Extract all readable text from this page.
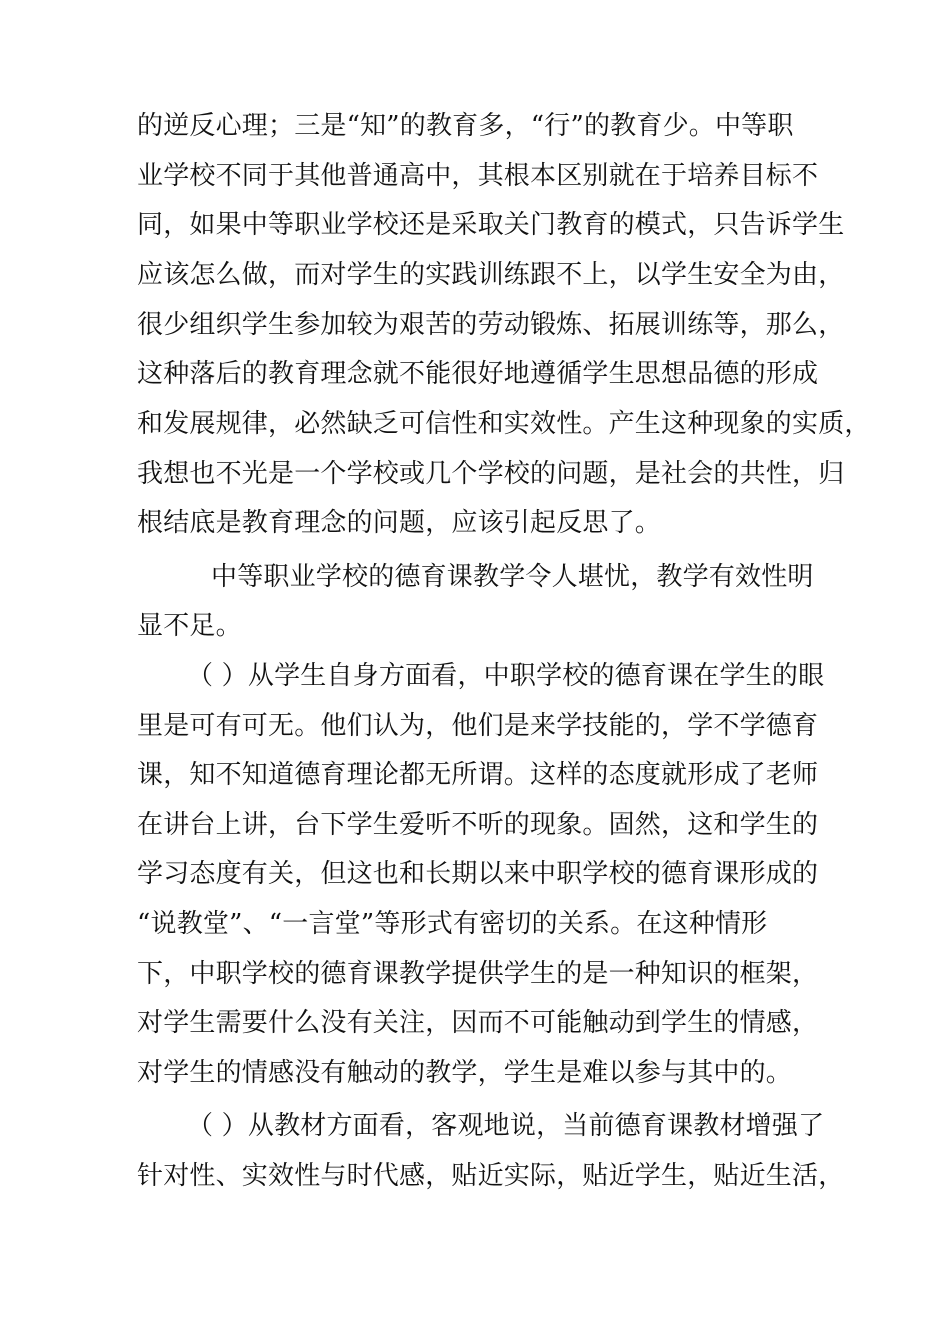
的逆反心理；三是“知”的教育多，“行”的教育少。中等职
业学校不同于其他普通高中，其根本区别就在于培养目标不
同，如果中等职业学校还是采取关门教育的模式，只告诉学生
应该怎么做，而对学生的实践训练跟不上，以学生安全为由，
很少组织学生参加较为艰苦的劳动锻炼、拓展训练等，那么，
这种落后的教育理念就不能很好地遵循学生思想品德的形成
和发展规律，必然缺乏可信性和实效性。产生这种现象的实质，
我想也不光是一个学校或几个学校的问题，是社会的共性，归
根结底是教育理念的问题，应该引起反思了。
中等职业学校的德育课教学令人堪忧，教学有效性明
显不足。
（ ）从学生自身方面看，中职学校的德育课在学生的眼
里是可有可无。他们认为，他们是来学技能的，学不学德育
课，知不知道德育理论都无所谓。这样的态度就形成了老师
在讲台上讲，台下学生爱听不听的现象。固然，这和学生的
学习态度有关，但这也和长期以来中职学校的德育课形成的
“说教堂”、“一言堂”等形式有密切的关系。在这种情形
下，中职学校的德育课教学提供学生的是一种知识的框架，
对学生需要什么没有关注，因而不可能触动到学生的情感，
对学生的情感没有触动的教学，学生是难以参与其中的。
（ ）从教材方面看，客观地说，当前德育课教材增强了
针对性、实效性与时代感，贴近实际，贴近学生，贴近生活，
